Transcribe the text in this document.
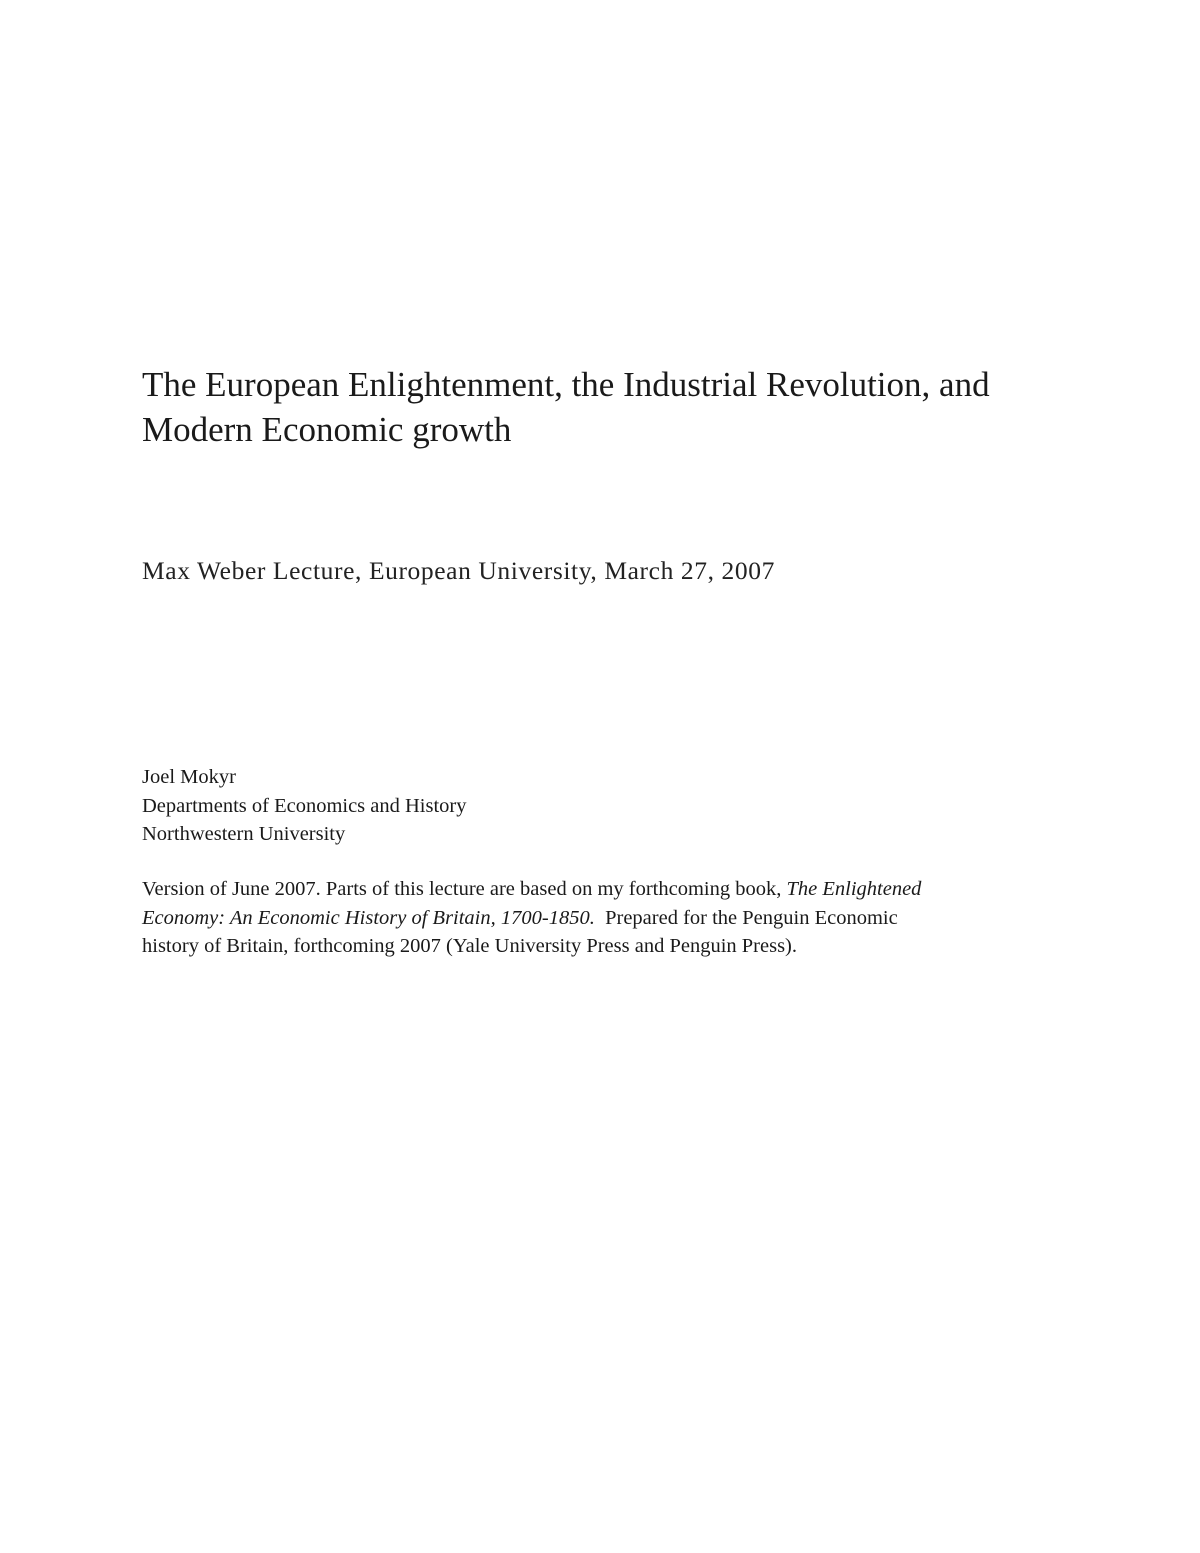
The European Enlightenment, the Industrial Revolution, and
Modern Economic growth

Max Weber Lecture, European University, March 27, 2007

Joel Mokyr
Departments of Economics and History
Northwestern University

Version of June 2007. Parts of this lecture are based on my forthcoming book, The Enlightened
Economy: An Economic History of Britain, 1700-1850.  Prepared for the Penguin Economic
history of Britain, forthcoming 2007 (Yale University Press and Penguin Press).
